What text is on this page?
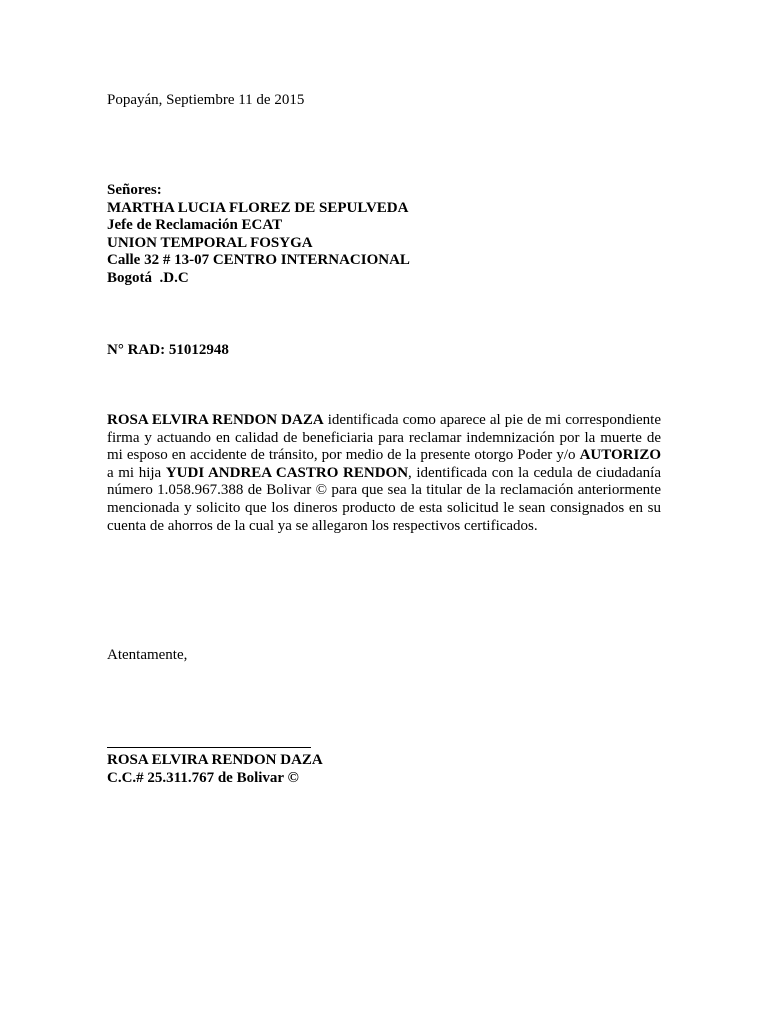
Popayán, Septiembre 11 de 2015
Señores:
MARTHA LUCIA FLOREZ DE SEPULVEDA
Jefe de Reclamación ECAT
UNION TEMPORAL FOSYGA
Calle 32 # 13-07 CENTRO INTERNACIONAL
Bogotá  .D.C
N° RAD: 51012948
ROSA ELVIRA RENDON DAZA identificada como aparece al pie de mi correspondiente firma y actuando en calidad de beneficiaria para reclamar indemnización por la muerte de mi esposo en accidente de tránsito, por medio de la presente otorgo Poder y/o AUTORIZO a mi hija YUDI ANDREA CASTRO RENDON, identificada con la cedula de ciudadanía número 1.058.967.388 de Bolivar © para que sea la titular de la reclamación anteriormente mencionada y solicito que los dineros producto de esta solicitud le sean consignados en su cuenta de ahorros de la cual ya se allegaron los respectivos certificados.
Atentamente,
ROSA ELVIRA RENDON DAZA
C.C.# 25.311.767 de Bolivar ©
